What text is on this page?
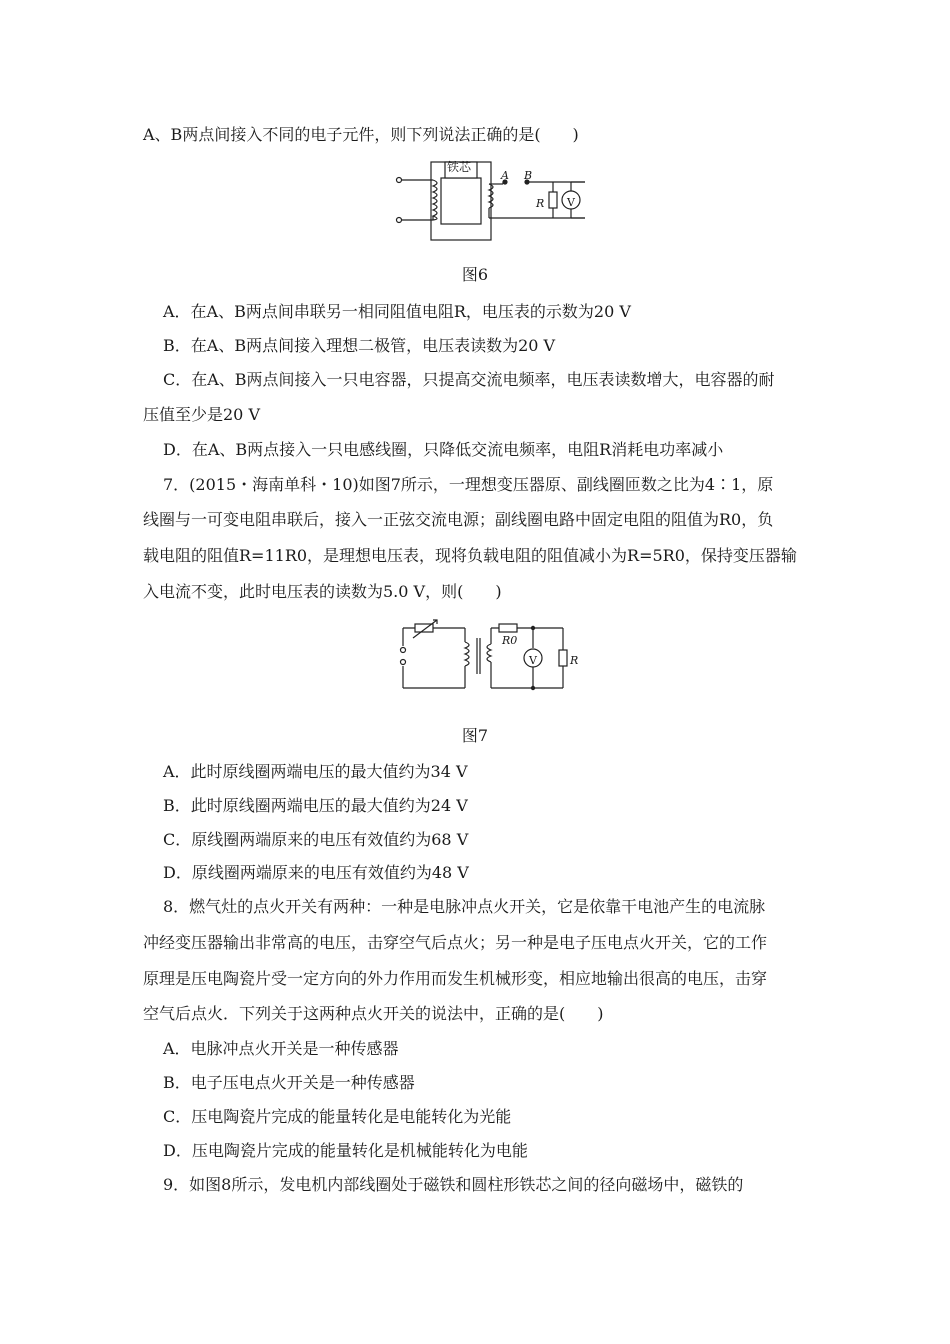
A、B两点间接入不同的电子元件，则下列说法正确的是(　　)
铁芯
A B
R V
图6
A．在A、B两点间串联另一相同阻值电阻R，电压表的示数为20 V
B．在A、B两点间接入理想二极管，电压表读数为20 V
C．在A、B两点间接入一只电容器，只提高交流电频率，电压表读数增大，电容器的耐
压值至少是20 V
D．在A、B两点接入一只电感线圈，只降低交流电频率，电阻R消耗电功率减小
7．(2015・海南单科・10)如图7所示，一理想变压器原、副线圈匝数之比为4∶1，原
线圈与一可变电阻串联后，接入一正弦交流电源；副线圈电路中固定电阻的阻值为R0，负
载电阻的阻值R=11R0，是理想电压表，现将负载电阻的阻值减小为R=5R0，保持变压器输
入电流不变，此时电压表的读数为5.0 V，则(　　)
R0
V	R
图7
A．此时原线圈两端电压的最大值约为34 V
B．此时原线圈两端电压的最大值约为24 V
C．原线圈两端原来的电压有效值约为68 V
D．原线圈两端原来的电压有效值约为48 V
8．燃气灶的点火开关有两种：一种是电脉冲点火开关，它是依靠干电池产生的电流脉
冲经变压器输出非常高的电压，击穿空气后点火；另一种是电子压电点火开关，它的工作
原理是压电陶瓷片受一定方向的外力作用而发生机械形变，相应地输出很高的电压，击穿
空气后点火．下列关于这两种点火开关的说法中，正确的是(　　)
A．电脉冲点火开关是一种传感器
B．电子压电点火开关是一种传感器
C．压电陶瓷片完成的能量转化是电能转化为光能
D．压电陶瓷片完成的能量转化是机械能转化为电能
9．如图8所示，发电机内部线圈处于磁铁和圆柱形铁芯之间的径向磁场中，磁铁的
